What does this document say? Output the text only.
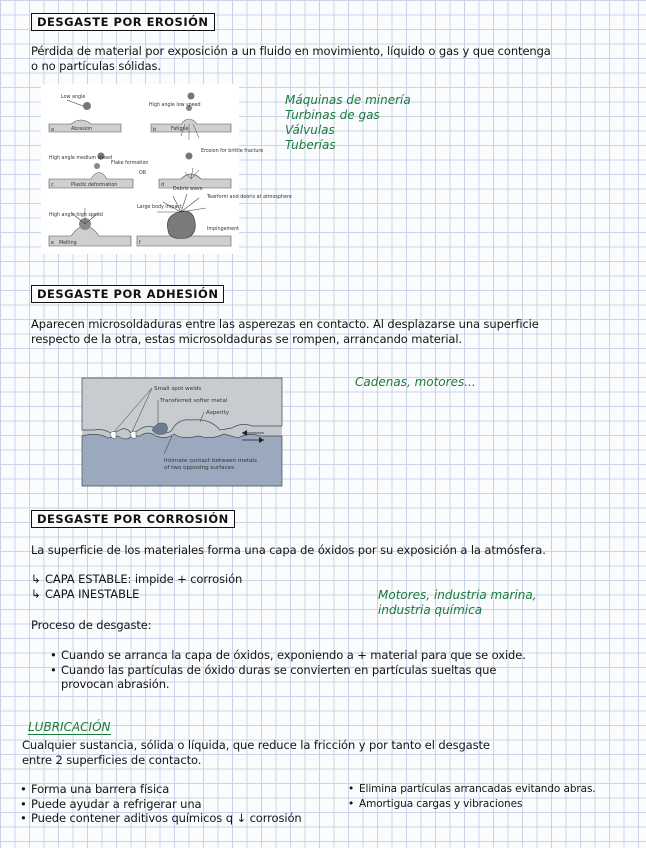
DESGASTE POR EROSIÓN
Pérdida de material por exposición a un fluido en movimiento, líquido o gas y que contenga
o no partículas sólidas.
Low angle
Abrasion
a
High angle low speed
Fatigue
b
High angle medium speed
Plastic deformation
Flake formation
c
OR
Erosion for brittle fracture
d
High angle high speed
Melting
e
Large body impact
Debris wave
Tearform and debris at atmosphere
Impingement
f
Máquinas de minería
Turbinas de gas
Válvulas
Tuberías
DESGASTE POR ADHESIÓN
Aparecen microsoldaduras entre las asperezas en contacto. Al desplazarse una superficie
respecto de la otra, estas microsoldaduras se rompen, arrancando material.
Small spot welds
Transferred softer metal
Asperity
Intimate contact between metals
of two opposing surfaces
Cadenas, motores...
DESGASTE POR CORROSIÓN
La superficie de los materiales forma una capa de óxidos por su exposición a la atmósfera.
↳ CAPA ESTABLE: impide + corrosión
↳ CAPA INESTABLE	Motores, industria marina,
industria química
Proceso de desgaste:
• Cuando se arranca la capa de óxidos, exponiendo a + material para que se oxide.
• Cuando las partículas de óxido duras se convierten en partículas sueltas que
provocan abrasión.
LUBRICACIÓN
Cualquier sustancia, sólida o líquida, que reduce la fricción y por tanto el desgaste
entre 2 superficies de contacto.
• Forma una barrera física
• Puede ayudar a refrigerar una
• Puede contener aditivos químicos q ↓ corrosión
• Elimina partículas arrancadas evitando abras.
• Amortigua cargas y vibraciones
